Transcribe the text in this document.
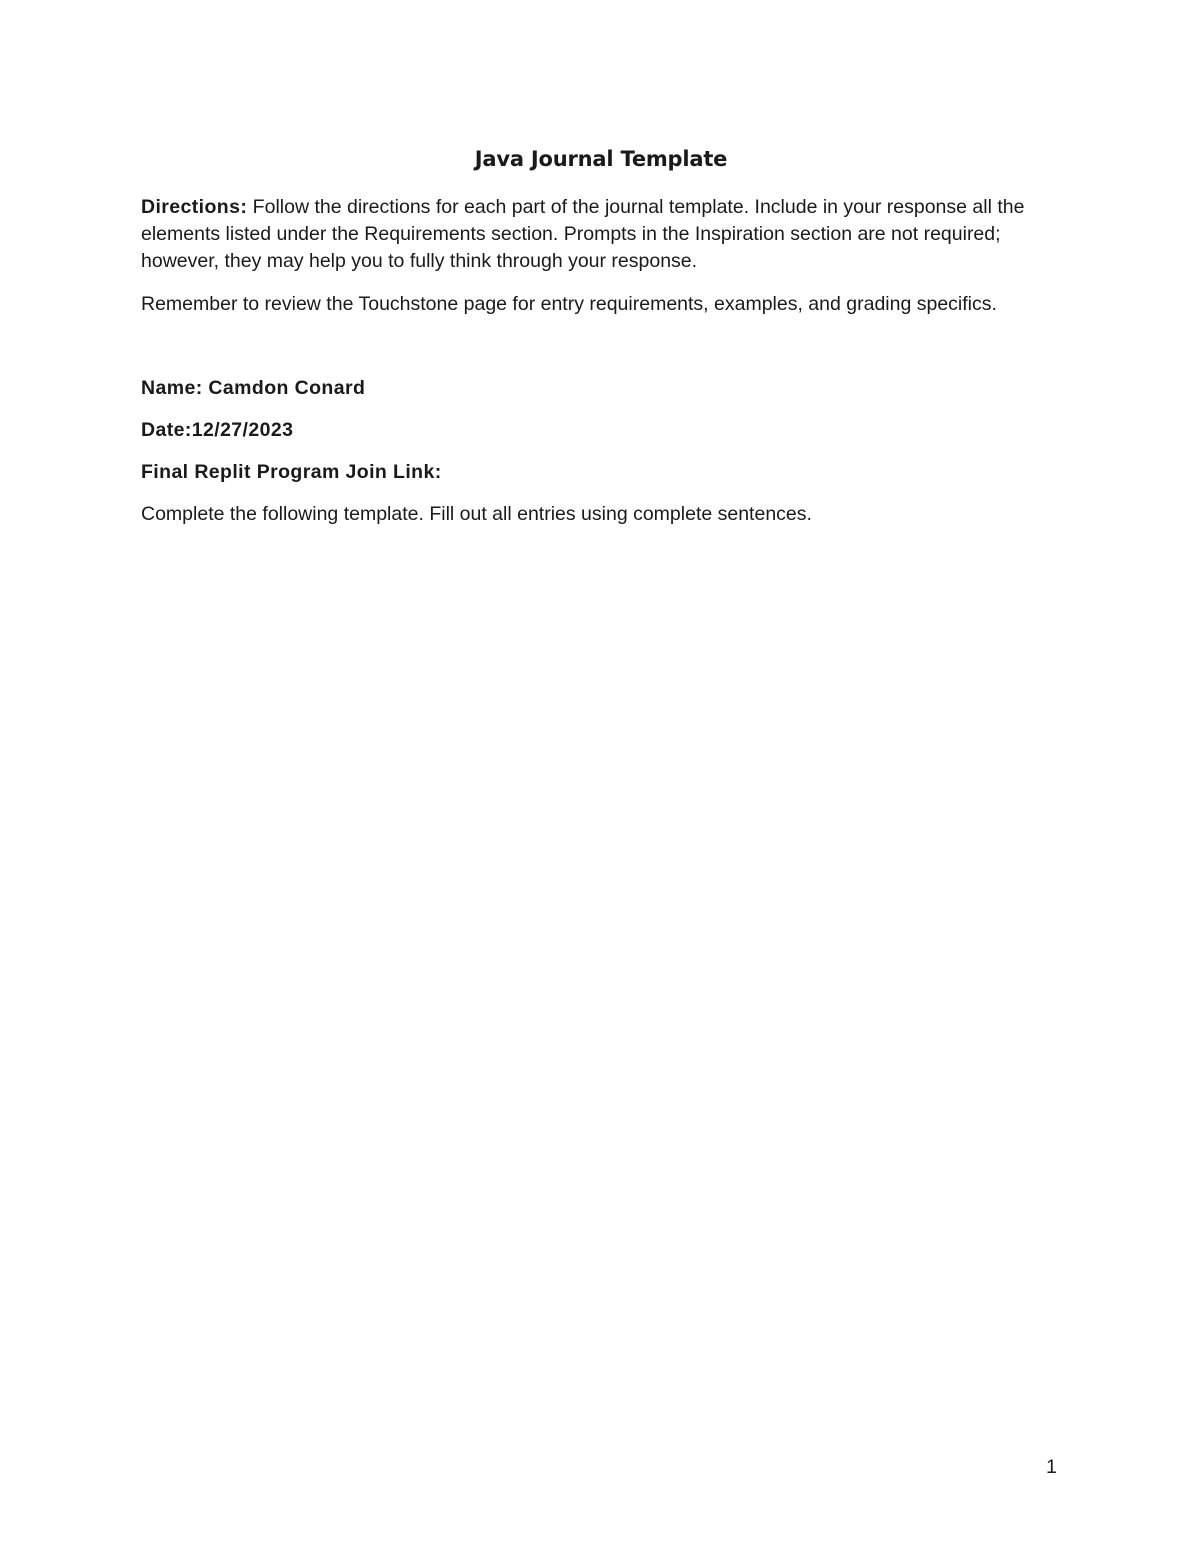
Java Journal Template

Directions: Follow the directions for each part of the journal template. Include in your response all the elements listed under the Requirements section. Prompts in the Inspiration section are not required; however, they may help you to fully think through your response.

Remember to review the Touchstone page for entry requirements, examples, and grading specifics.

Name: Camdon Conard

Date:12/27/2023

Final Replit Program Join Link:

Complete the following template. Fill out all entries using complete sentences.

1
